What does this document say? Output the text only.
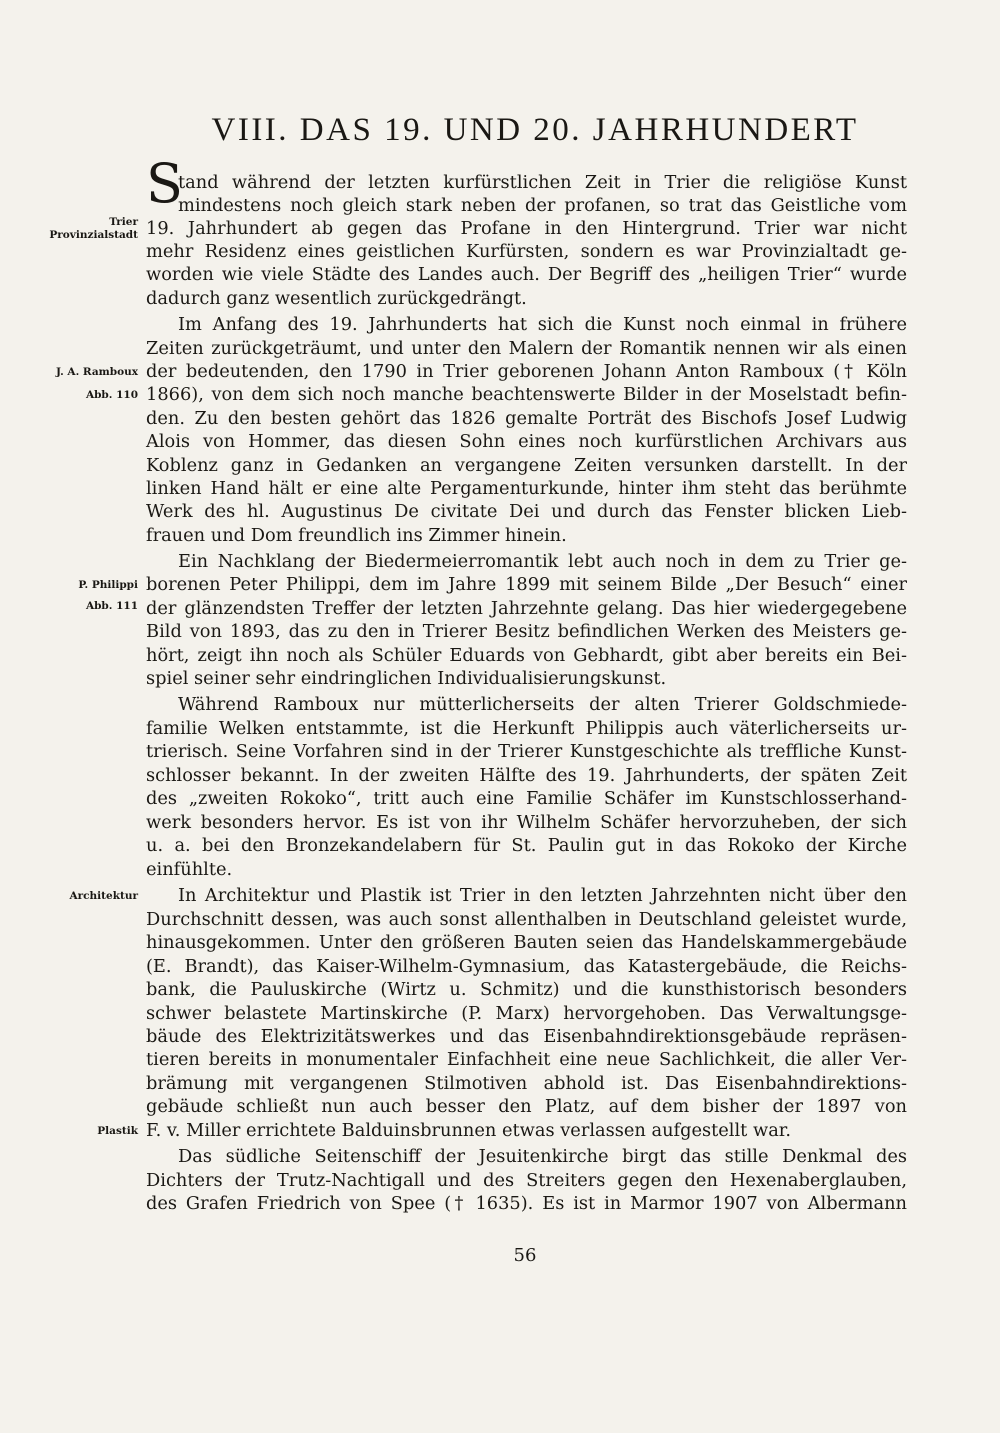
VIII. DAS 19. UND 20. JAHRHUNDERT
S
tand während der letzten kurfürstlichen Zeit in Trier die religiöse Kunst
mindestens noch gleich stark neben der profanen, so trat das Geistliche vom
19. Jahrhundert ab gegen das Profane in den Hintergrund. Trier war nicht
mehr Residenz eines geistlichen Kurfürsten, sondern es war Provinzialtadt ge-
worden wie viele Städte des Landes auch. Der Begriff des „heiligen Trier“ wurde
dadurch ganz wesentlich zurückgedrängt.
Im Anfang des 19. Jahrhunderts hat sich die Kunst noch einmal in frühere
Zeiten zurückgeträumt, und unter den Malern der Romantik nennen wir als einen
der bedeutenden, den 1790 in Trier geborenen Johann Anton Ramboux († Köln
1866), von dem sich noch manche beachtenswerte Bilder in der Moselstadt befin-
den. Zu den besten gehört das 1826 gemalte Porträt des Bischofs Josef Ludwig
Alois von Hommer, das diesen Sohn eines noch kurfürstlichen Archivars aus
Koblenz ganz in Gedanken an vergangene Zeiten versunken darstellt. In der
linken Hand hält er eine alte Pergamenturkunde, hinter ihm steht das berühmte
Werk des hl. Augustinus De civitate Dei und durch das Fenster blicken Lieb-
frauen und Dom freundlich ins Zimmer hinein.
Ein Nachklang der Biedermeierromantik lebt auch noch in dem zu Trier ge-
borenen Peter Philippi, dem im Jahre 1899 mit seinem Bilde „Der Besuch“ einer
der glänzendsten Treffer der letzten Jahrzehnte gelang. Das hier wiedergegebene
Bild von 1893, das zu den in Trierer Besitz befindlichen Werken des Meisters ge-
hört, zeigt ihn noch als Schüler Eduards von Gebhardt, gibt aber bereits ein Bei-
spiel seiner sehr eindringlichen Individualisierungskunst.
Während Ramboux nur mütterlicherseits der alten Trierer Goldschmiede-
familie Welken entstammte, ist die Herkunft Philippis auch väterlicherseits ur-
trierisch. Seine Vorfahren sind in der Trierer Kunstgeschichte als treffliche Kunst-
schlosser bekannt. In der zweiten Hälfte des 19. Jahrhunderts, der späten Zeit
des „zweiten Rokoko“, tritt auch eine Familie Schäfer im Kunstschlosserhand-
werk besonders hervor. Es ist von ihr Wilhelm Schäfer hervorzuheben, der sich
u. a. bei den Bronzekandelabern für St. Paulin gut in das Rokoko der Kirche
einfühlte.
In Architektur und Plastik ist Trier in den letzten Jahrzehnten nicht über den
Durchschnitt dessen, was auch sonst allenthalben in Deutschland geleistet wurde,
hinausgekommen. Unter den größeren Bauten seien das Handelskammergebäude
(E. Brandt), das Kaiser-Wilhelm-Gymnasium, das Katastergebäude, die Reichs-
bank, die Pauluskirche (Wirtz u. Schmitz) und die kunsthistorisch besonders
schwer belastete Martinskirche (P. Marx) hervorgehoben. Das Verwaltungsge-
bäude des Elektrizitätswerkes und das Eisenbahndirektionsgebäude repräsen-
tieren bereits in monumentaler Einfachheit eine neue Sachlichkeit, die aller Ver-
brämung mit vergangenen Stilmotiven abhold ist. Das Eisenbahndirektions-
gebäude schließt nun auch besser den Platz, auf dem bisher der 1897 von
F. v. Miller errichtete Balduinsbrunnen etwas verlassen aufgestellt war.
Das südliche Seitenschiff der Jesuitenkirche birgt das stille Denkmal des
Dichters der Trutz-Nachtigall und des Streiters gegen den Hexenaberglauben,
des Grafen Friedrich von Spee († 1635). Es ist in Marmor 1907 von Albermann
Trier
Provinzialstadt
J. A. Ramboux
Abb. 110
P. Philippi
Abb. 111
Architektur
Plastik
56
